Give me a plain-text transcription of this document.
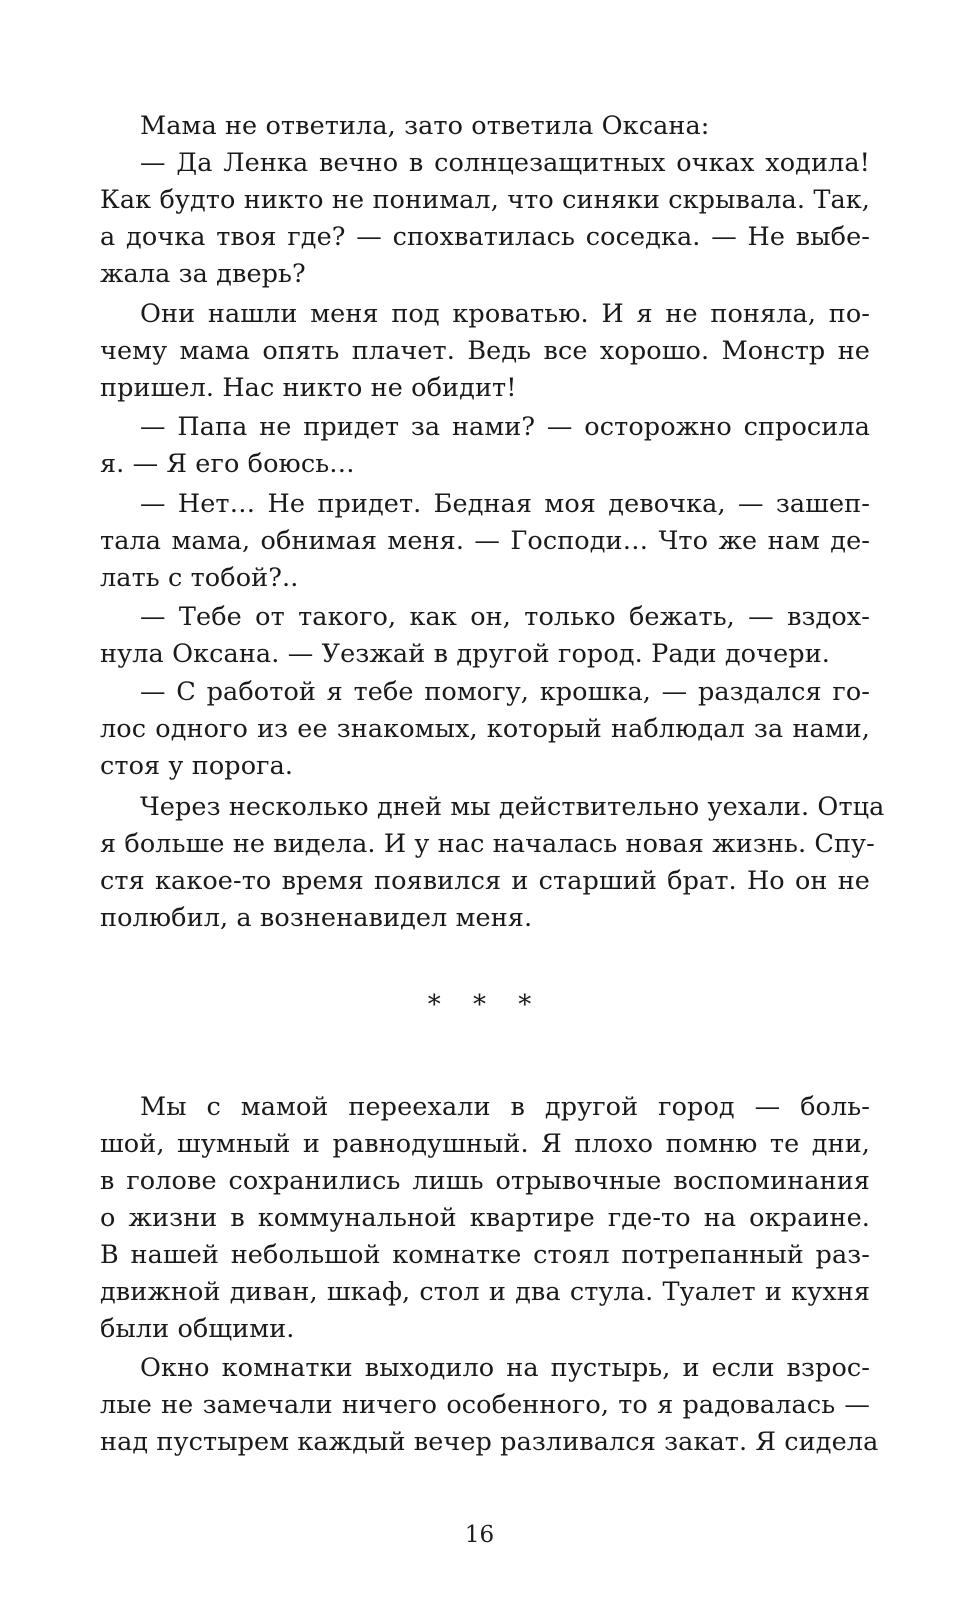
Мама не ответила, зато ответила Оксана:
— Да Ленка вечно в солнцезащитных очках ходила!
Как будто никто не понимал, что синяки скрывала. Так,
а дочка твоя где? — спохватилась соседка. — Не выбе-
жала за дверь?
Они нашли меня под кроватью. И я не поняла, по-
чему мама опять плачет. Ведь все хорошо. Монстр не
пришел. Нас никто не обидит!
— Папа не придет за нами? — осторожно спросила
я. — Я его боюсь…
— Нет… Не придет. Бедная моя девочка, — зашеп-
тала мама, обнимая меня. — Господи… Что же нам де-
лать с тобой?..
— Тебе от такого, как он, только бежать, — вздох-
нула Оксана. — Уезжай в другой город. Ради дочери.
— С работой я тебе помогу, крошка, — раздался го-
лос одного из ее знакомых, который наблюдал за нами,
стоя у порога.
Через несколько дней мы действительно уехали. Отца
я больше не видела. И у нас началась новая жизнь. Спу-
стя какое-то время появился и старший брат. Но он не
полюбил, а возненавидел меня.
* * *
Мы с мамой переехали в другой город — боль-
шой, шумный и равнодушный. Я плохо помню те дни,
в голове сохранились лишь отрывочные воспоминания
о жизни в коммунальной квартире где-то на окраине.
В нашей небольшой комнатке стоял потрепанный раз-
движной диван, шкаф, стол и два стула. Туалет и кухня
были общими.
Окно комнатки выходило на пустырь, и если взрос-
лые не замечали ничего особенного, то я радовалась —
над пустырем каждый вечер разливался закат. Я сидела
16
